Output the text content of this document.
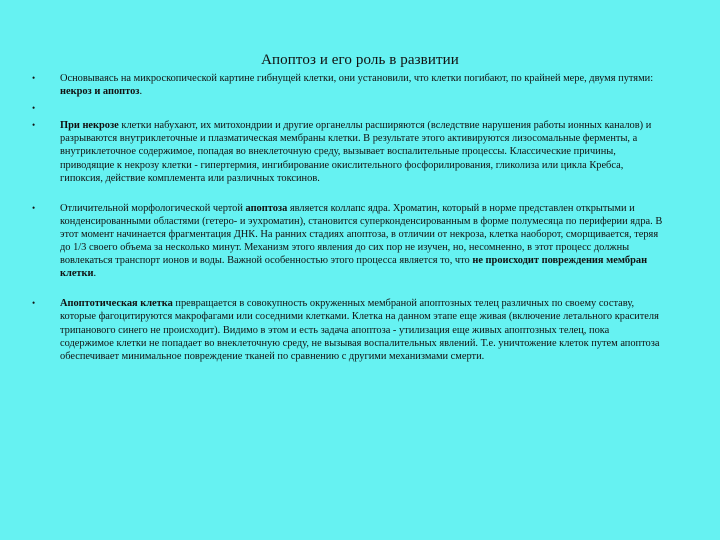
Апоптоз и его роль в развитии
• Основываясь на микроскопической картине гибнущей клетки, они установили, что клетки погибают, по крайней мере, двумя путями: некроз и апоптоз.
•

• При некрозе клетки набухают, их митохондрии и другие органеллы расширяются (вследствие нарушения работы ионных каналов) и разрываются внутриклеточные и плазматическая мембраны клетки. В результате этого активируются лизосомальные ферменты, а внутриклеточное содержимое, попадая во внеклеточную среду, вызывает воспалительные процессы. Классические причины, приводящие к некрозу клетки - гипертермия, ингибирование окислительного фосфорилирования, гликолиза или цикла Кребса, гипоксия, действие комплемента или различных токсинов.
• Отличительной морфологической чертой апоптоза является коллапс ядра. Хроматин, который в норме представлен открытыми и конденсированными областями (гетеро- и эухроматин), становится суперконденсированным в форме полумесяца по периферии ядра. В этот момент начинается фрагментация ДНК. На ранних стадиях апоптоза, в отличии от некроза, клетка наоборот, сморщивается, теряя до 1/3 своего объема за несколько минут. Механизм этого явления до сих пор не изучен, но, несомненно, в этот процесс должны вовлекаться транспорт ионов и воды. Важной особенностью этого процесса является то, что не происходит повреждения мембран клетки.
• Апоптотическая клетка превращается в совокупность окруженных мембраной апоптозных телец различных по своему составу, которые фагоцитируются макрофагами или соседними клетками. Клетка на данном этапе еще живая (включение летального красителя трипанового синего не происходит). Видимо в этом и есть задача апоптоза - утилизация еще живых апоптозных телец, пока содержимое клетки не попадает во внеклеточную среду, не вызывая воспалительных явлений. Т.е. уничтожение клеток путем апоптоза обеспечивает минимальное повреждение тканей по сравнению с другими механизмами смерти.
